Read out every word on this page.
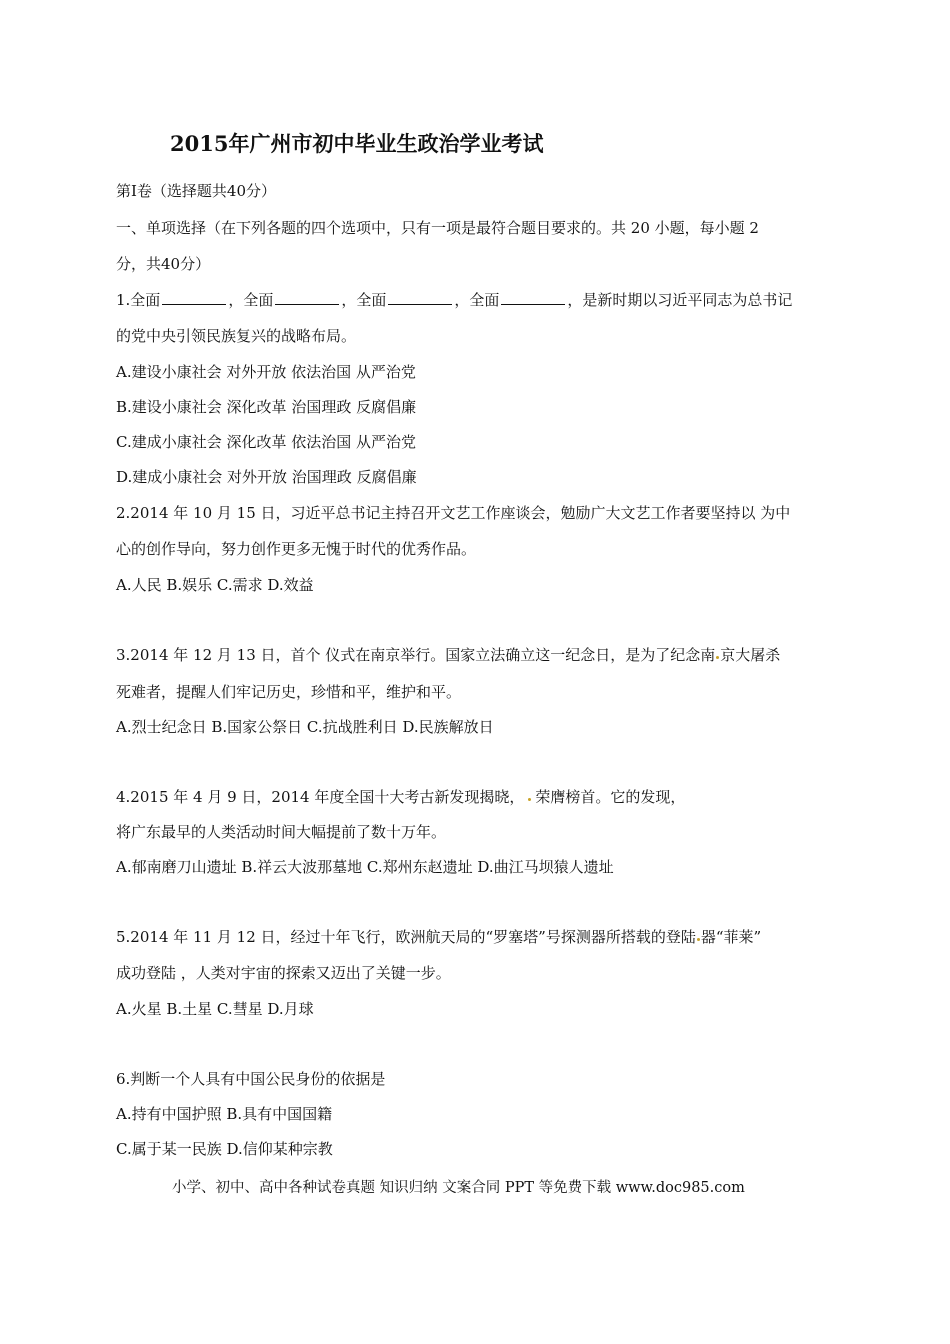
2015年广州市初中毕业生政治学业考试
第Ⅰ卷（选择题共40分）
一、单项选择（在下列各题的四个选项中，只有一项是最符合题目要求的。共 20 小题，每小题 2
分，共40分）
1.全面	，全面	，全面	，全面	，是新时期以习近平同志为总书记
的党中央引领民族复兴的战略布局。
A.建设小康社会 对外开放 依法治国 从严治党
B.建设小康社会 深化改革 治国理政 反腐倡廉
C.建成小康社会 深化改革 依法治国 从严治党
D.建成小康社会 对外开放 治国理政 反腐倡廉
2.2014 年 10 月 15 日，习近平总书记主持召开文艺工作座谈会，勉励广大文艺工作者要坚持以 为中
心的创作导向，努力创作更多无愧于时代的优秀作品。
A.人民 B.娱乐 C.需求 D.效益
3.2014 年 12 月 13 日，首个 仪式在南京举行。国家立法确立这一纪念日，是为了纪念南 京大屠杀
死难者，提醒人们牢记历史，珍惜和平，维护和平。
A.烈士纪念日 B.国家公祭日 C.抗战胜利日 D.民族解放日
4.2015 年 4 月 9 日，2014 年度全国十大考古新发现揭晓， 荣膺榜首。它的发现，
将广东最早的人类活动时间大幅提前了数十万年。
A.郁南磨刀山遗址 B.祥云大波那墓地 C.郑州东赵遗址 D.曲江马坝猿人遗址
5.2014 年 11 月 12 日，经过十年飞行，欧洲航天局的“罗塞塔”号探测器所搭载的登陆 器“菲莱”
成功登陆 ，人类对宇宙的探索又迈出了关键一步。
A.火星 B.土星 C.彗星 D.月球
6.判断一个人具有中国公民身份的依据是
A.持有中国护照 B.具有中国国籍
C.属于某一民族 D.信仰某种宗教
小学、初中、高中各种试卷真题 知识归纳 文案合同 PPT 等免费下载 www.doc985.com
